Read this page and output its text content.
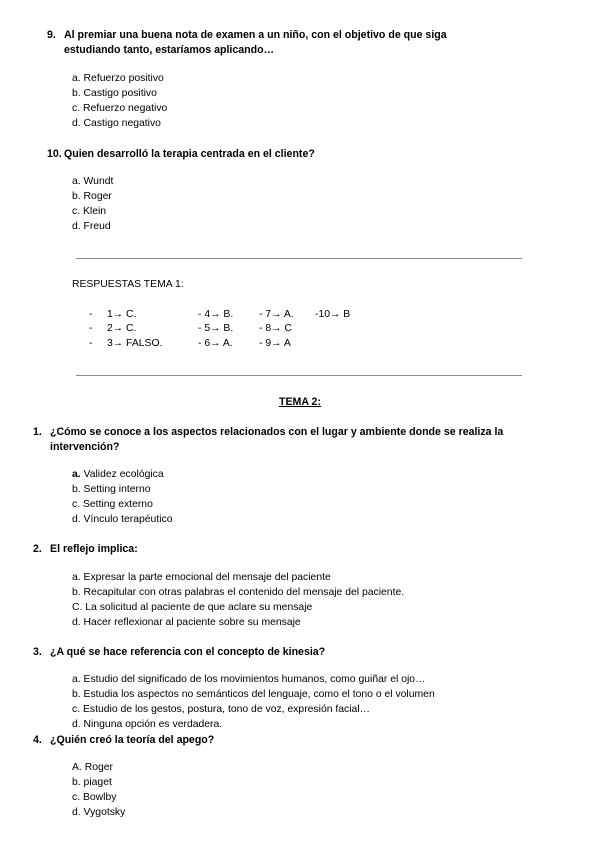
9. Al premiar una buena nota de examen a un niño, con el objetivo de que siga
estudiando tanto, estaríamos aplicando…
a. Refuerzo positivo
b. Castigo positivo
c. Refuerzo negativo
d. Castigo negativo
10. Quien desarrolló la terapia centrada en el cliente?
a. Wundt
b. Roger
c. Klein
d. Freud
RESPUESTAS TEMA 1:
- 1→ C.	- 4→ B. - 7→ A. -10→ B
- 2→ C.	- 5→ B. - 8→ C
- 3→ FALSO.	- 6→ A.	- 9→ A
TEMA 2:
1. ¿Cómo se conoce a los aspectos relacionados con el lugar y ambiente donde se realiza la
intervención?
a. Validez ecológica
b. Setting interno
c. Setting externo
d. Vínculo terapéutico
2. El reflejo implica:
a. Expresar la parte emocional del mensaje del paciente
b. Recapitular con otras palabras el contenido del mensaje del paciente.
C. La solicitud al paciente de que aclare su mensaje
d. Hacer reflexionar al paciente sobre su mensaje
3. ¿A qué se hace referencia con el concepto de kinesia?
a. Estudio del significado de los movimientos humanos, como guiñar el ojo…
b. Estudia los aspectos no semánticos del lenguaje, como el tono o el volumen
c. Estudio de los gestos, postura, tono de voz, expresión facial…
d. Ninguna opción es verdadera.
4. ¿Quién creó la teoría del apego?
A. Roger
b. piaget
c. Bowlby
d. Vygotsky
